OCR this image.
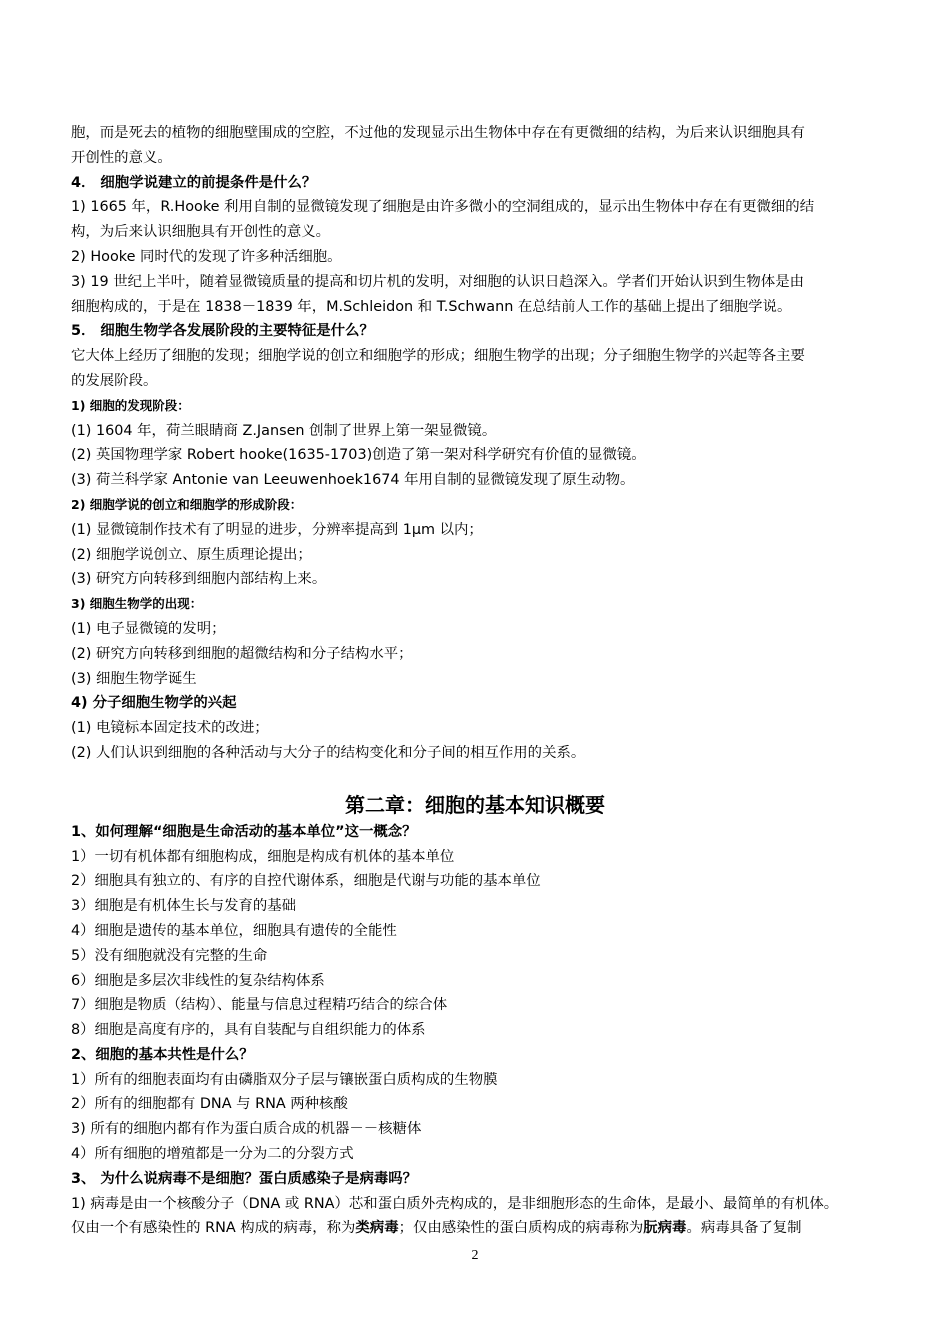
胞，而是死去的植物的细胞壁围成的空腔，不过他的发现显示出生物体中存在有更微细的结构，为后来认识细胞具有
开创性的意义。
4． 细胞学说建立的前提条件是什么？
1) 1665 年，R.Hooke 利用自制的显微镜发现了细胞是由许多微小的空洞组成的，显示出生物体中存在有更微细的结
构，为后来认识细胞具有开创性的意义。
2) Hooke 同时代的发现了许多种活细胞。
3) 19 世纪上半叶，随着显微镜质量的提高和切片机的发明，对细胞的认识日趋深入。学者们开始认识到生物体是由
细胞构成的，于是在 1838－1839 年，M.Schleidon 和 T.Schwann 在总结前人工作的基础上提出了细胞学说。
5． 细胞生物学各发展阶段的主要特征是什么？
它大体上经历了细胞的发现；细胞学说的创立和细胞学的形成；细胞生物学的出现；分子细胞生物学的兴起等各主要
的发展阶段。
1) 细胞的发现阶段：
(1) 1604 年，荷兰眼睛商 Z.Jansen 创制了世界上第一架显微镜。
(2) 英国物理学家 Robert hooke(1635-1703)创造了第一架对科学研究有价值的显微镜。
(3) 荷兰科学家 Antonie van Leeuwenhoek1674 年用自制的显微镜发现了原生动物。
2) 细胞学说的创立和细胞学的形成阶段：
(1) 显微镜制作技术有了明显的进步，分辨率提高到 1μm 以内；
(2) 细胞学说创立、原生质理论提出；
(3) 研究方向转移到细胞内部结构上来。
3) 细胞生物学的出现：
(1) 电子显微镜的发明；
(2) 研究方向转移到细胞的超微结构和分子结构水平；
(3) 细胞生物学诞生
4) 分子细胞生物学的兴起
(1) 电镜标本固定技术的改进；
(2) 人们认识到细胞的各种活动与大分子的结构变化和分子间的相互作用的关系。
第二章：细胞的基本知识概要
1、如何理解“细胞是生命活动的基本单位”这一概念？
1）一切有机体都有细胞构成，细胞是构成有机体的基本单位
2）细胞具有独立的、有序的自控代谢体系，细胞是代谢与功能的基本单位
3）细胞是有机体生长与发育的基础
4）细胞是遗传的基本单位，细胞具有遗传的全能性
5）没有细胞就没有完整的生命
6）细胞是多层次非线性的复杂结构体系
7）细胞是物质（结构）、能量与信息过程精巧结合的综合体
8）细胞是高度有序的，具有自装配与自组织能力的体系
2、细胞的基本共性是什么？
1）所有的细胞表面均有由磷脂双分子层与镶嵌蛋白质构成的生物膜
2）所有的细胞都有 DNA 与 RNA 两种核酸
3) 所有的细胞内都有作为蛋白质合成的机器－－核糖体
4）所有细胞的增殖都是一分为二的分裂方式
3、 为什么说病毒不是细胞？蛋白质感染子是病毒吗？
1) 病毒是由一个核酸分子（DNA 或 RNA）芯和蛋白质外壳构成的，是非细胞形态的生命体，是最小、最简单的有机体。
仅由一个有感染性的 RNA 构成的病毒，称为类病毒；仅由感染性的蛋白质构成的病毒称为朊病毒。病毒具备了复制
2
